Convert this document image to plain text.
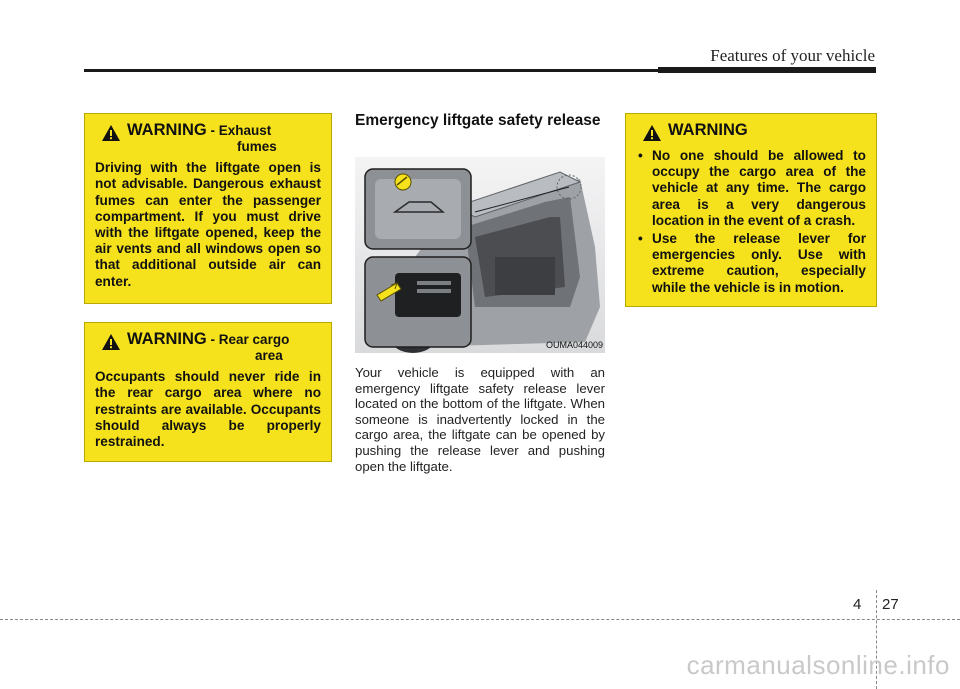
Features of your vehicle
WARNING - Exhaust
fumes
Driving with the liftgate open is not advisable. Dangerous exhaust fumes can enter the passenger compartment. If you must drive with the liftgate opened, keep the air vents and all windows open so that additional outside air can enter.
WARNING - Rear cargo
area
Occupants should never ride in the rear cargo area where no restraints are available. Occupants should always be properly restrained.
Emergency liftgate safety release
OUMA044009
Your vehicle is equipped with an emergency liftgate safety release lever located on the bottom of the liftgate. When someone is inadvertently locked in the cargo area, the liftgate can be opened by pushing the release lever and pushing open the liftgate.
WARNING
• No one should be allowed to occupy the cargo area of the vehicle at any time. The cargo area is a very dangerous location in the event of a crash.
• Use the release lever for emergencies only. Use with extreme caution, especially while the vehicle is in motion.
4 27
carmanualsonline.info
